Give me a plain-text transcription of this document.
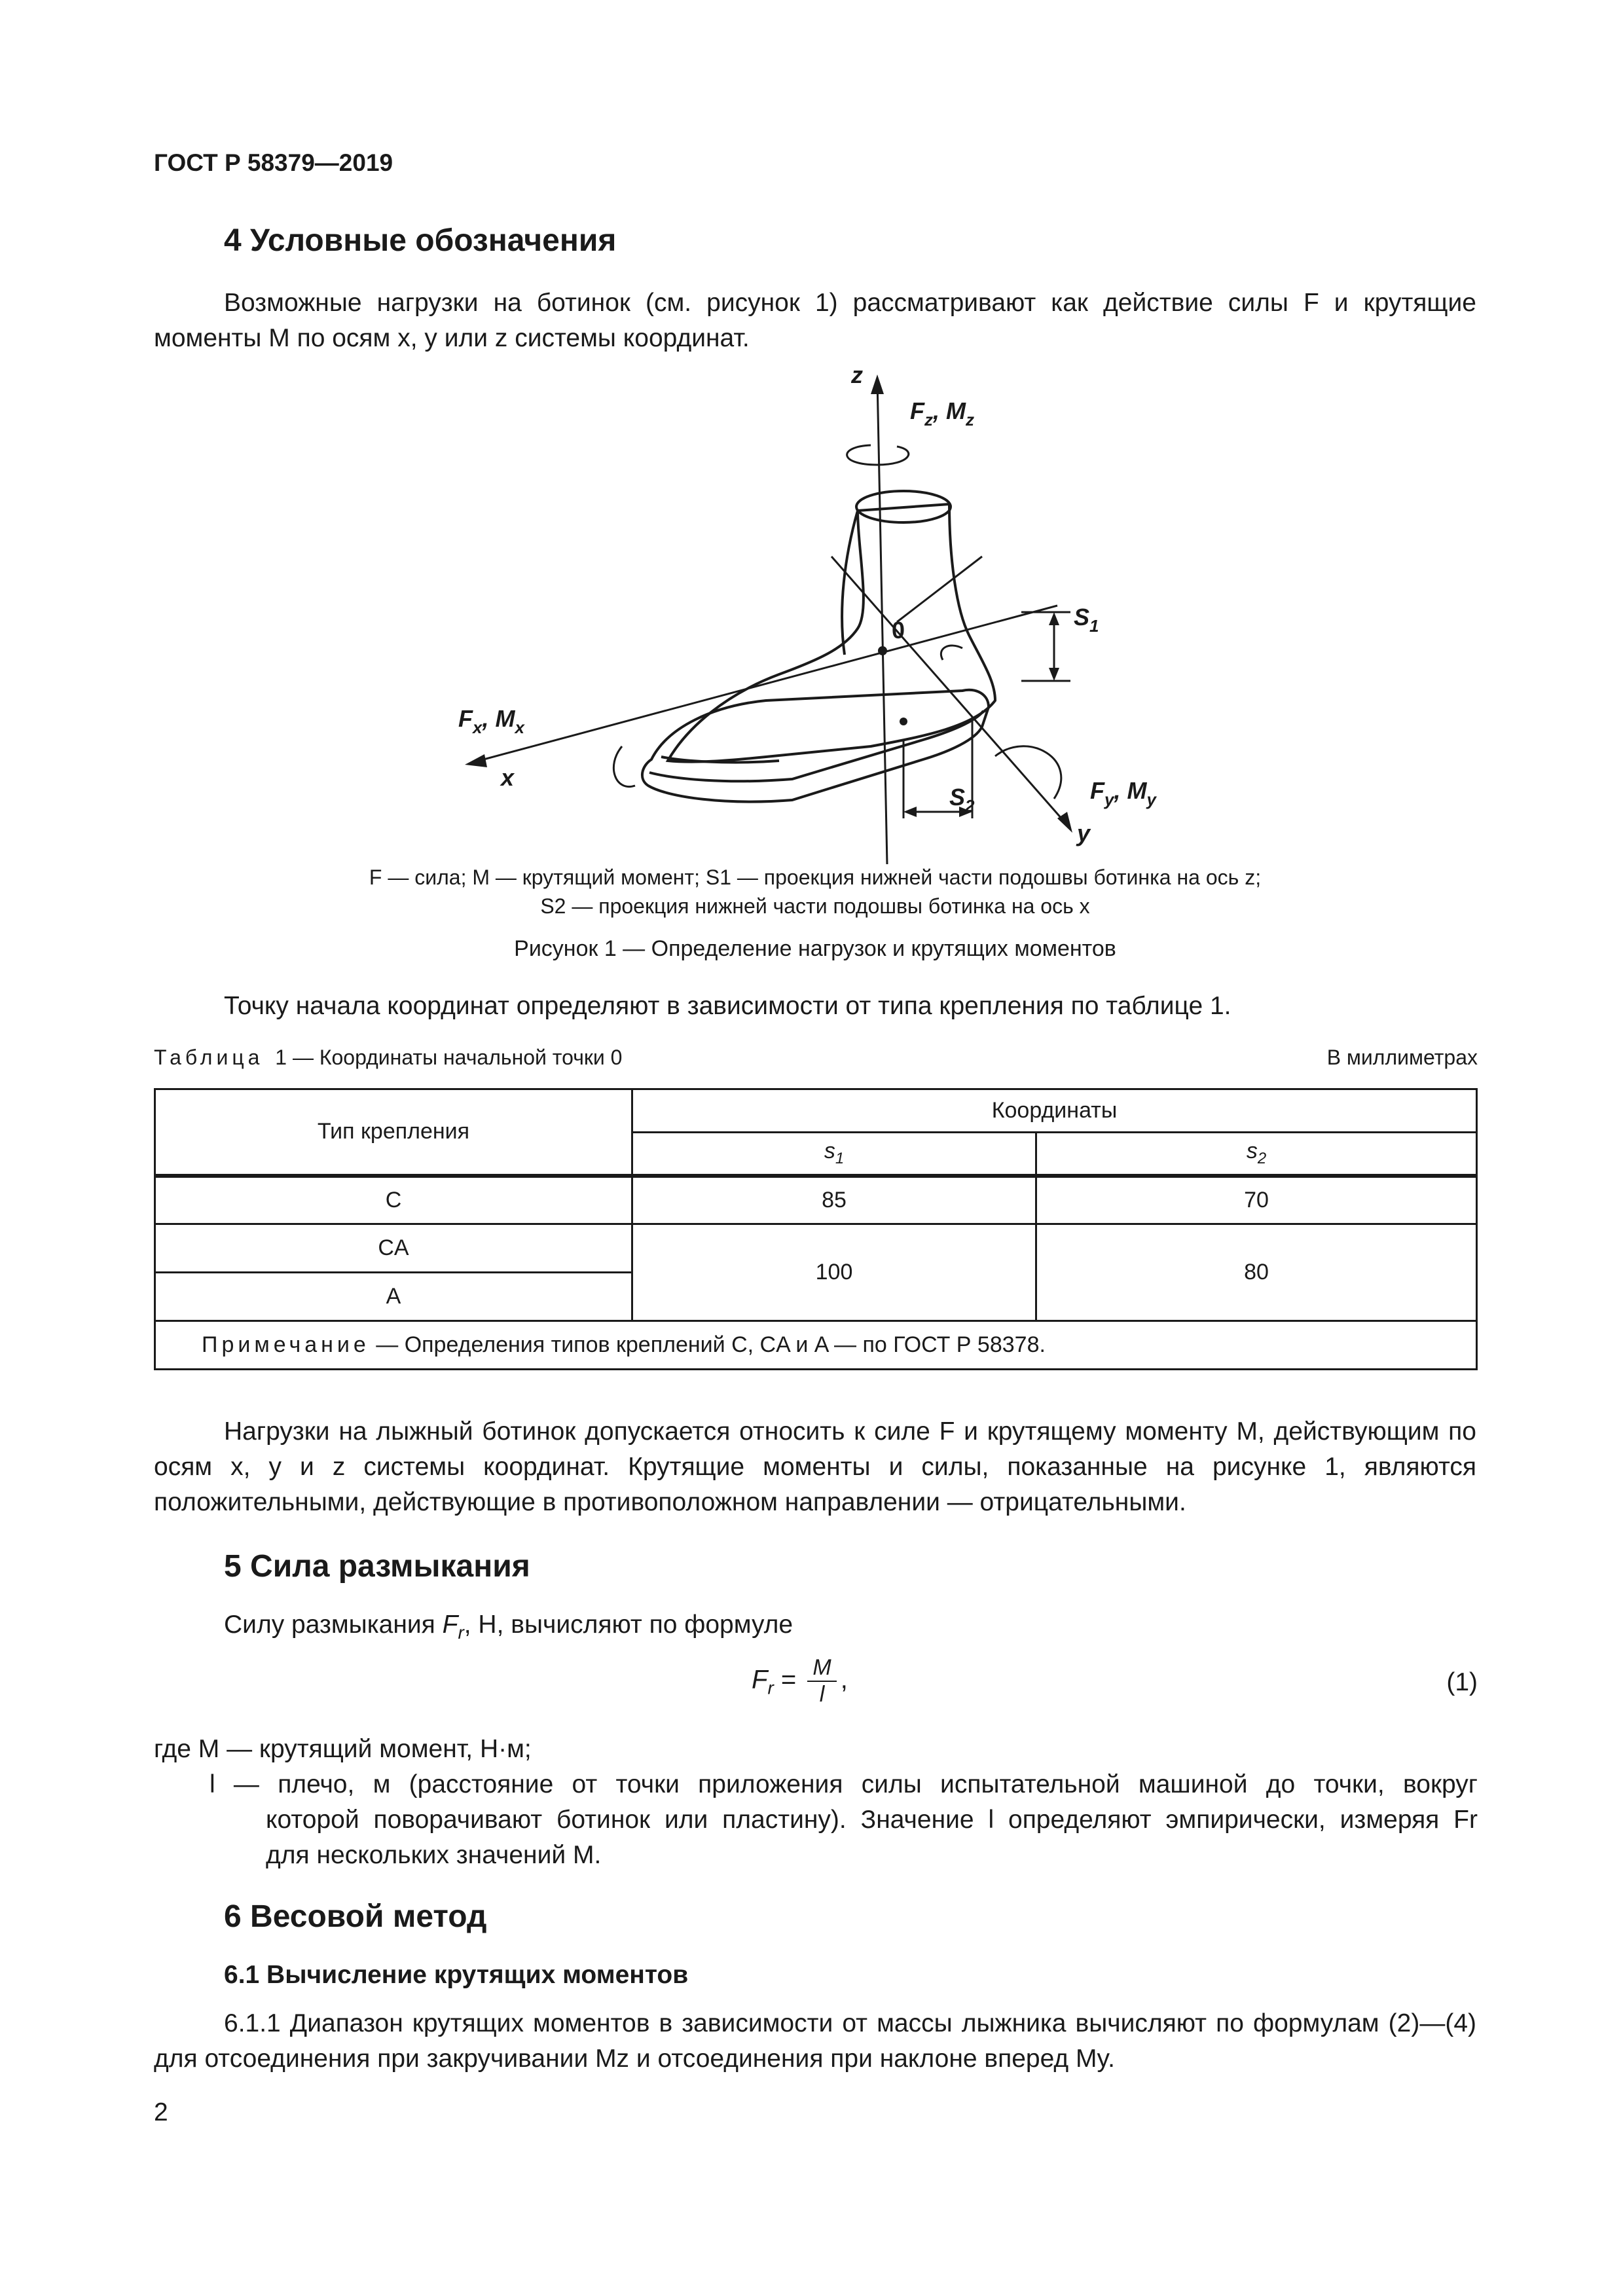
ГОСТ Р 58379—2019
4 Условные обозначения
Возможные нагрузки на ботинок (см. рисунок 1) рассматривают как действие силы F и крутящие моменты M по осям x, y или z системы координат.
z
0
$F_z$, $M_z$
$F_x$, $M_x$
x	$F_y$, $M_y$
y
$S_1$
$S_2$
F — сила; M — крутящий момент; S1 — проекция нижней части подошвы ботинка на ось z;
S2 — проекция нижней части подошвы ботинка на ось x
Рисунок 1 — Определение нагрузок и крутящих моментов
Точку начала координат определяют в зависимости от типа крепления по таблице 1.
Таблица 1 — Координаты начальной точки 0	В миллиметрах
Тип крепления	Координаты	
	$s_1$	$s_2$
C	85	70
CA	100	80
A		
Примечание — Определения типов креплений C, CA и A — по ГОСТ Р 58378.		
Нагрузки на лыжный ботинок допускается относить к силе F и крутящему моменту M, действующим по осям x, y и z системы координат. Крутящие моменты и силы, показанные на рисунке 1, являются положительными, действующие в противоположном направлении — отрицательными.
5 Сила размыкания
Силу размыкания $F_r$, Н, вычисляют по формуле
$F_r = \frac{M}{l}$ ,	(1)
где M — крутящий момент, Н·м;
l — плечо, м (расстояние от точки приложения силы испытательной машиной до точки, вокруг
которой поворачивают ботинок или пластину). Значение l определяют эмпирически, измеряя Fr
для нескольких значений M.
6 Весовой метод
6.1 Вычисление крутящих моментов
6.1.1 Диапазон крутящих моментов в зависимости от массы лыжника вычисляют по формулам (2)—(4) для отсоединения при закручивании Mz и отсоединения при наклоне вперед My.
2
